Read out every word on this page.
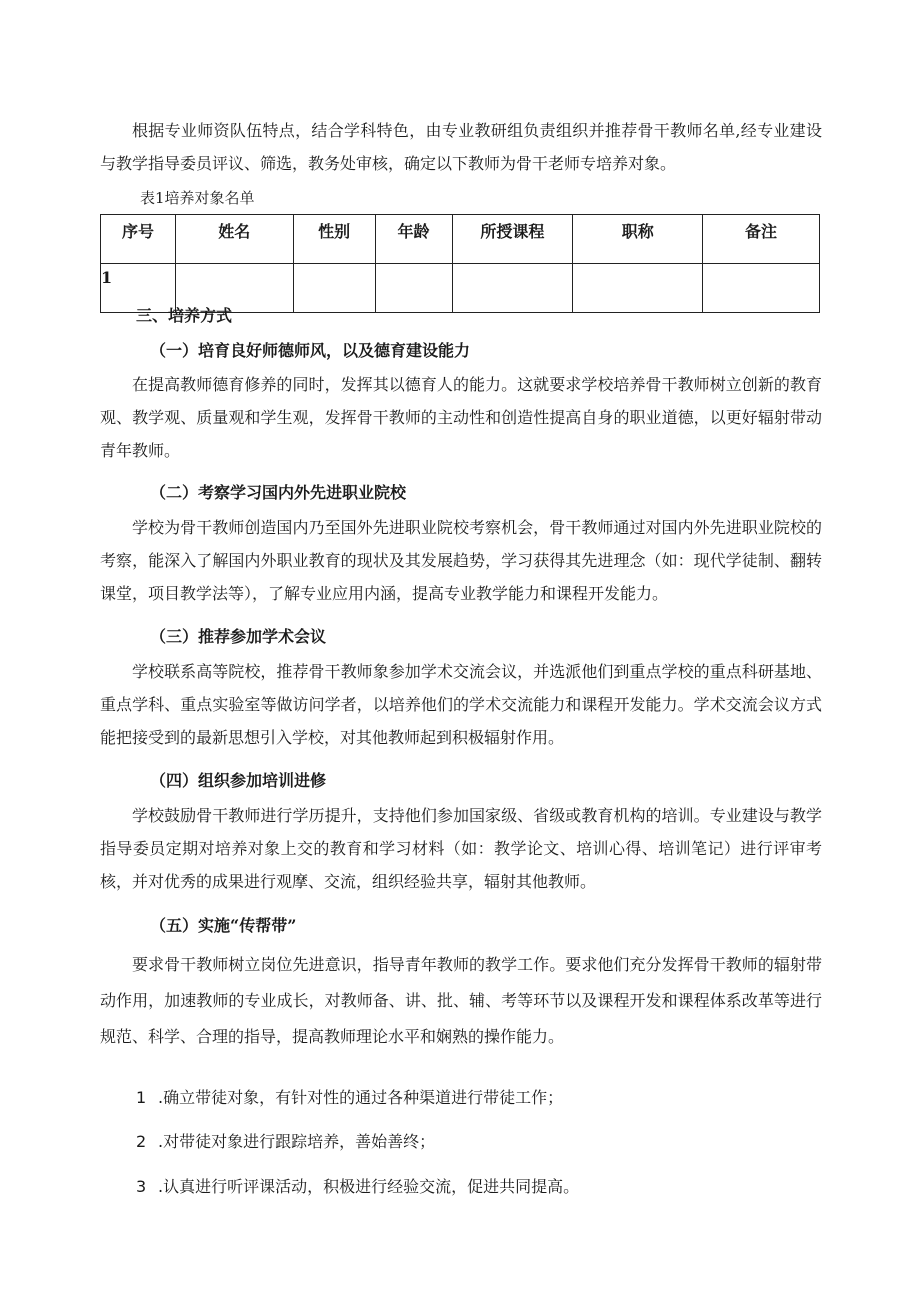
根据专业师资队伍特点，结合学科特色，由专业教研组负责组织并推荐骨干教师名单,经专业建设与教学指导委员评议、筛选，教务处审核，确定以下教师为骨干老师专培养对象。

表1培养对象名单

序号	姓名	性别	年龄	所授课程	职称	备注
1						

三、培养方式

（一）培育良好师德师风，以及德育建设能力

在提高教师德育修养的同时，发挥其以德育人的能力。这就要求学校培养骨干教师树立创新的教育观、教学观、质量观和学生观，发挥骨干教师的主动性和创造性提高自身的职业道德，以更好辐射带动青年教师。

（二）考察学习国内外先进职业院校

学校为骨干教师创造国内乃至国外先进职业院校考察机会，骨干教师通过对国内外先进职业院校的考察，能深入了解国内外职业教育的现状及其发展趋势，学习获得其先进理念（如：现代学徒制、翻转课堂，项目教学法等），了解专业应用内涵，提高专业教学能力和课程开发能力。

（三）推荐参加学术会议

学校联系高等院校，推荐骨干教师象参加学术交流会议，并选派他们到重点学校的重点科研基地、重点学科、重点实验室等做访问学者，以培养他们的学术交流能力和课程开发能力。学术交流会议方式能把接受到的最新思想引入学校，对其他教师起到积极辐射作用。

（四）组织参加培训进修

学校鼓励骨干教师进行学历提升，支持他们参加国家级、省级或教育机构的培训。专业建设与教学指导委员定期对培养对象上交的教育和学习材料（如：教学论文、培训心得、培训笔记）进行评审考核，并对优秀的成果进行观摩、交流，组织经验共享，辐射其他教师。

（五）实施“传帮带”

要求骨干教师树立岗位先进意识，指导青年教师的教学工作。要求他们充分发挥骨干教师的辐射带动作用，加速教师的专业成长，对教师备、讲、批、辅、考等环节以及课程开发和课程体系改革等进行规范、科学、合理的指导，提高教师理论水平和娴熟的操作能力。

1 .确立带徒对象，有针对性的通过各种渠道进行带徒工作；

2 .对带徒对象进行跟踪培养，善始善终；

3 .认真进行听评课活动，积极进行经验交流，促进共同提高。
